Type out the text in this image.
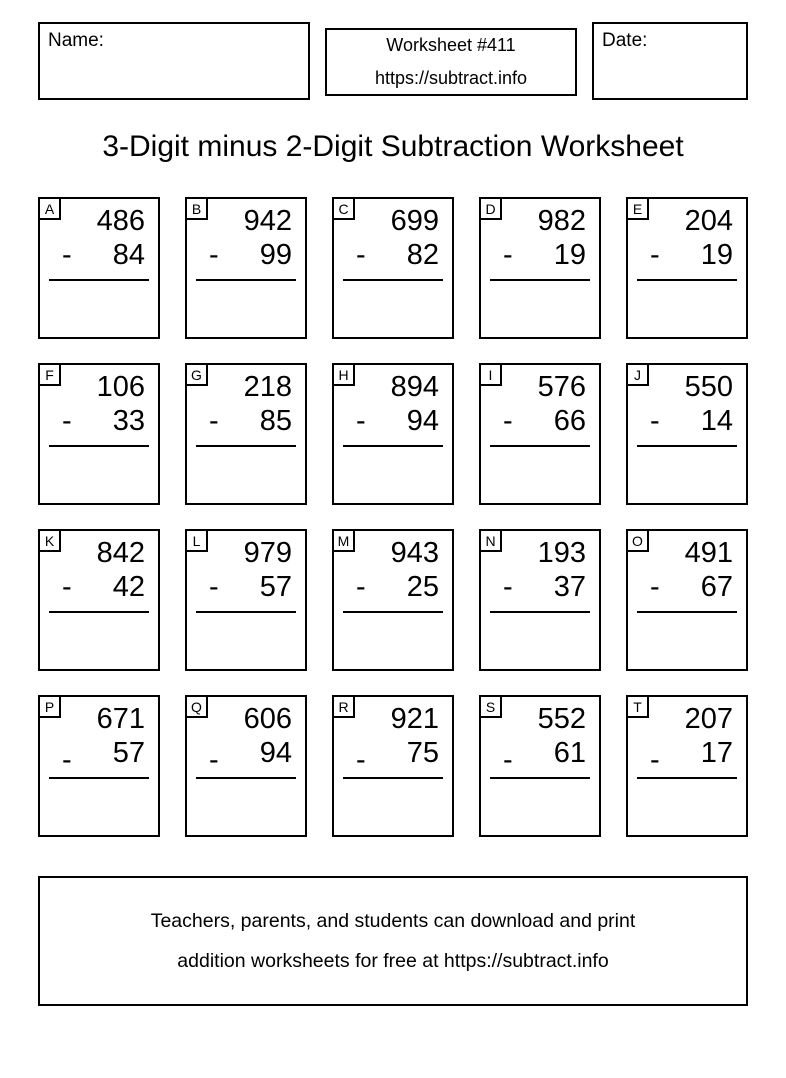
Name:	Worksheet #411
https://subtract.info
Date:
3-Digit minus 2-Digit Subtraction Worksheet
A	486
- 84
B	942
- 99
C	699
- 82
D	982
- 19
E	204
- 19
F	106
- 33
G	218
- 85
H	894
- 94
I	576
- 66
J	550
- 14
K	842
- 42
L	979
- 57
M	943
- 25
N	193
- 37
O	491
- 67
P	671
- 57
Q	606
- 94
R	921
- 75
S	552
- 61
T	207
- 17
Teachers, parents, and students can download and print
addition worksheets for free at https://subtract.info
